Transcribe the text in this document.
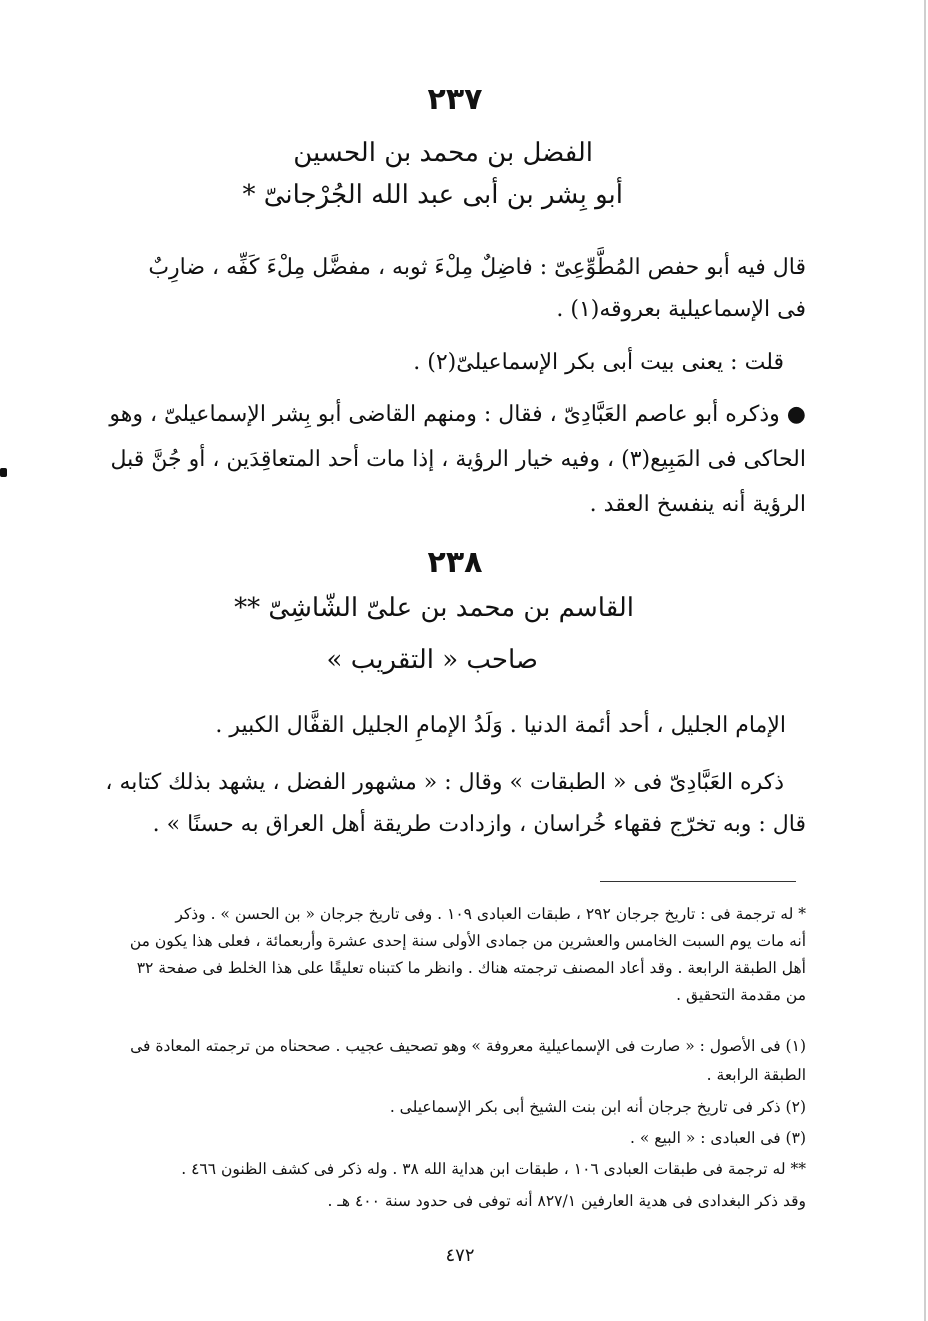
٢٣٧
الفضل بن محمد بن الحسين
أبو بِشر بن أبى عبد الله الجُرْجانىّ *
قال فيه أبو حفص المُطَّوِّعِىّ : فاضِلٌ مِلْءَ ثوبه ، مفضَّل مِلْءَ كَفِّه ، ضارِبٌ
فى الإسماعيلية بعروقه(١) .
قلت : يعنى بيت أبى بكر الإسماعيلىّ(٢) .
● وذكره أبو عاصم العَبَّادِىّ ، فقال : ومنهم القاضى أبو بِشر الإسماعيلىّ ، وهو
الحاكى فى المَبِيع(٣) ، وفيه خيار الرؤية ، إذا مات أحد المتعاقِدَين ، أو جُنَّ قبل
الرؤية أنه ينفسخ العقد .
٢٣٨
القاسم بن محمد بن علىّ الشّاشِىّ **
صاحب « التقريب »
الإمام الجليل ، أحد أئمة الدنيا . وَلَدُ الإمامِ الجليل القفَّال الكبير .
ذكره العَبَّادِىّ فى « الطبقات » وقال : « مشهور الفضل ، يشهد بذلك كتابه ،
قال : وبه تخرّج فقهاء خُراسان ، وازدادت طريقة أهل العراق به حسنًا » .
* له ترجمة فى : تاريخ جرجان ٢٩٢ ، طبقات العبادى ١٠٩ . وفى تاريخ جرجان « بن الحسن » . وذكر
أنه مات يوم السبت الخامس والعشرين من جمادى الأولى سنة إحدى عشرة وأربعمائة ، فعلى هذا يكون من
أهل الطبقة الرابعة . وقد أعاد المصنف ترجمته هناك . وانظر ما كتبناه تعليقًا على هذا الخلط فى صفحة ٣٢
من مقدمة التحقيق .
(١) فى الأصول : « صارت فى الإسماعيلية معروفة » وهو تصحيف عجيب . صححناه من ترجمته المعادة فى
الطبقة الرابعة .
(٢) ذكر فى تاريخ جرجان أنه ابن بنت الشيخ أبى بكر الإسماعيلى .
(٣) فى العبادى : « البيع » .
** له ترجمة فى طبقات العبادى ١٠٦ ، طبقات ابن هداية الله ٣٨ . وله ذكر فى كشف الظنون ٤٦٦ .
وقد ذكر البغدادى فى هدية العارفين ٨٢٧/١ أنه توفى فى حدود سنة ٤٠٠ هـ .
٤٧٢
